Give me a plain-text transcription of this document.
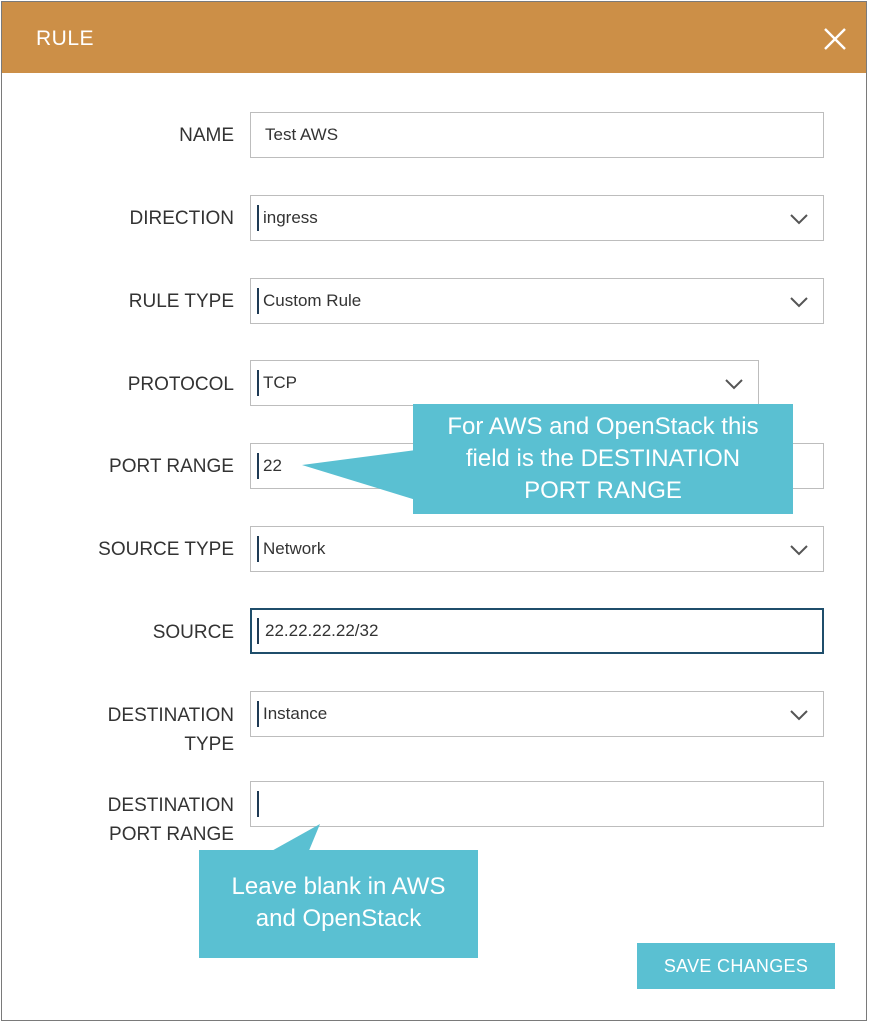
RULE
NAME Test AWS
DIRECTION ingress
RULE TYPE Custom Rule
PROTOCOL TCP
PORT RANGE 22
SOURCE TYPE Network
SOURCE 22.22.22.22/32
DESTINATION
TYPE
Instance
DESTINATION
PORT RANGE
For AWS and OpenStack this
field is the DESTINATION
PORT RANGE
Leave blank in AWS
and OpenStack
SAVE CHANGES
